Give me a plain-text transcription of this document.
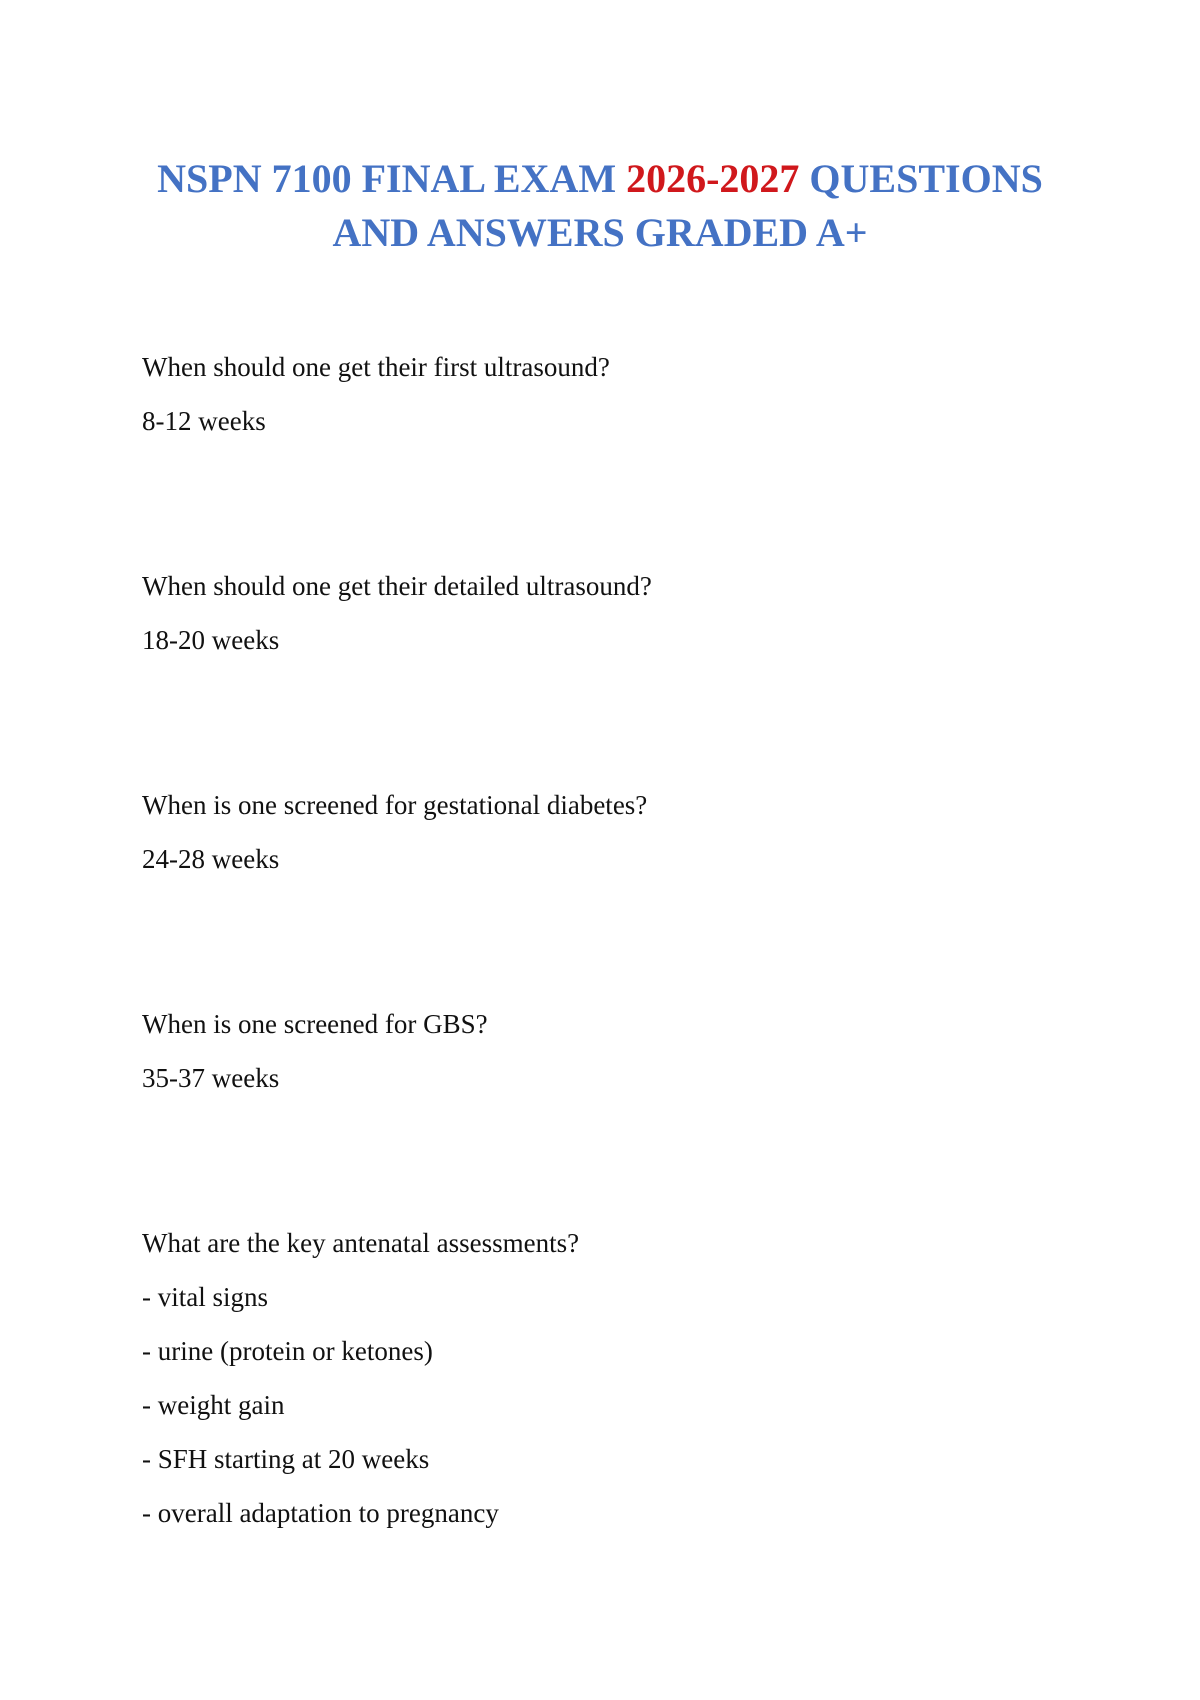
NSPN 7100 FINAL EXAM 2026-2027 QUESTIONS AND ANSWERS GRADED A+

When should one get their first ultrasound?

8-12 weeks

When should one get their detailed ultrasound?

18-20 weeks

When is one screened for gestational diabetes?

24-28 weeks

When is one screened for GBS?

35-37 weeks

What are the key antenatal assessments?

- vital signs

- urine (protein or ketones)

- weight gain

- SFH starting at 20 weeks

- overall adaptation to pregnancy
